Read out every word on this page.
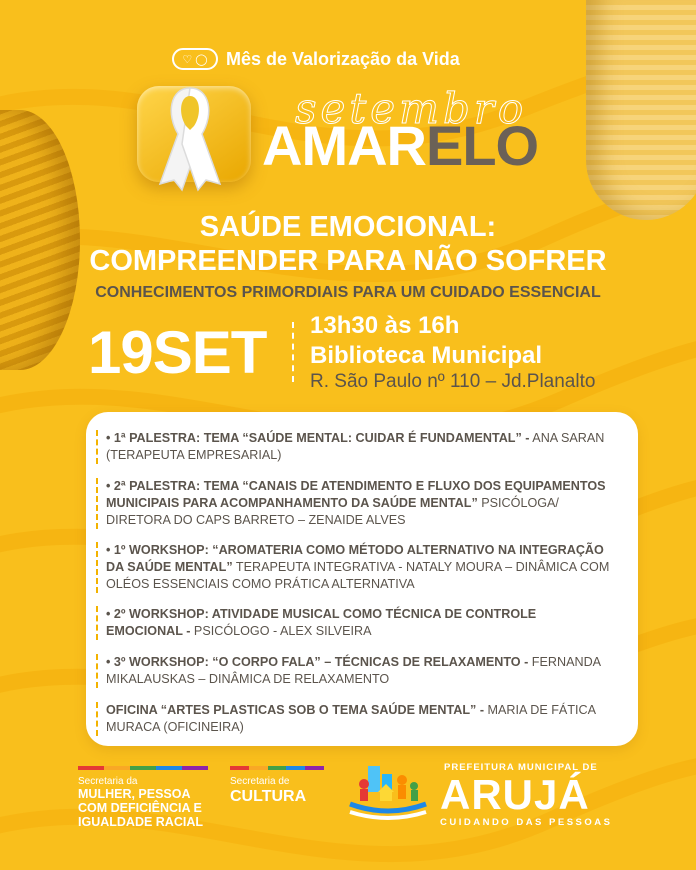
♡ ◯	Mês de Valorização da Vida
setembro
AMARELO
SAÚDE EMOCIONAL:
COMPREENDER PARA NÃO SOFRER
CONHECIMENTOS PRIMORDIAIS PARA UM CUIDADO ESSENCIAL
19SET 13h30 às 16h
Biblioteca Municipal
R. São Paulo nº 110 – Jd.Planalto
• 1ª PALESTRA: TEMA “SAÚDE MENTAL: CUIDAR É FUNDAMENTAL” - ANA SARAN (TERAPEUTA EMPRESARIAL)
• 2ª PALESTRA: TEMA “CANAIS DE ATENDIMENTO E FLUXO DOS EQUIPAMENTOS MUNICIPAIS PARA ACOMPANHAMENTO DA SAÚDE MENTAL” PSICÓLOGA/ DIRETORA DO CAPS BARRETO – ZENAIDE ALVES
• 1º WORKSHOP: “AROMATERIA COMO MÉTODO ALTERNATIVO NA INTEGRAÇÃO DA SAÚDE MENTAL” TERAPEUTA INTEGRATIVA - NATALY MOURA – DINÂMICA COM OLÉOS ESSENCIAIS COMO PRÁTICA ALTERNATIVA
• 2º WORKSHOP: ATIVIDADE MUSICAL COMO TÉCNICA DE CONTROLE EMOCIONAL - PSICÓLOGO - ALEX SILVEIRA
• 3º WORKSHOP: “O CORPO FALA” – TÉCNICAS DE RELAXAMENTO - FERNANDA MIKALAUSKAS – DINÂMICA DE RELAXAMENTO
OFICINA “ARTES PLASTICAS SOB O TEMA SAÚDE MENTAL” - MARIA DE FÁTICA MURACA (OFICINEIRA)
Secretaria da
MULHER, PESSOA
COM DEFICIÊNCIA E
IGUALDADE RACIAL
Secretaria de
CULTURA
PREFEITURA MUNICIPAL DE
ARUJÁ
CUIDANDO DAS PESSOAS
